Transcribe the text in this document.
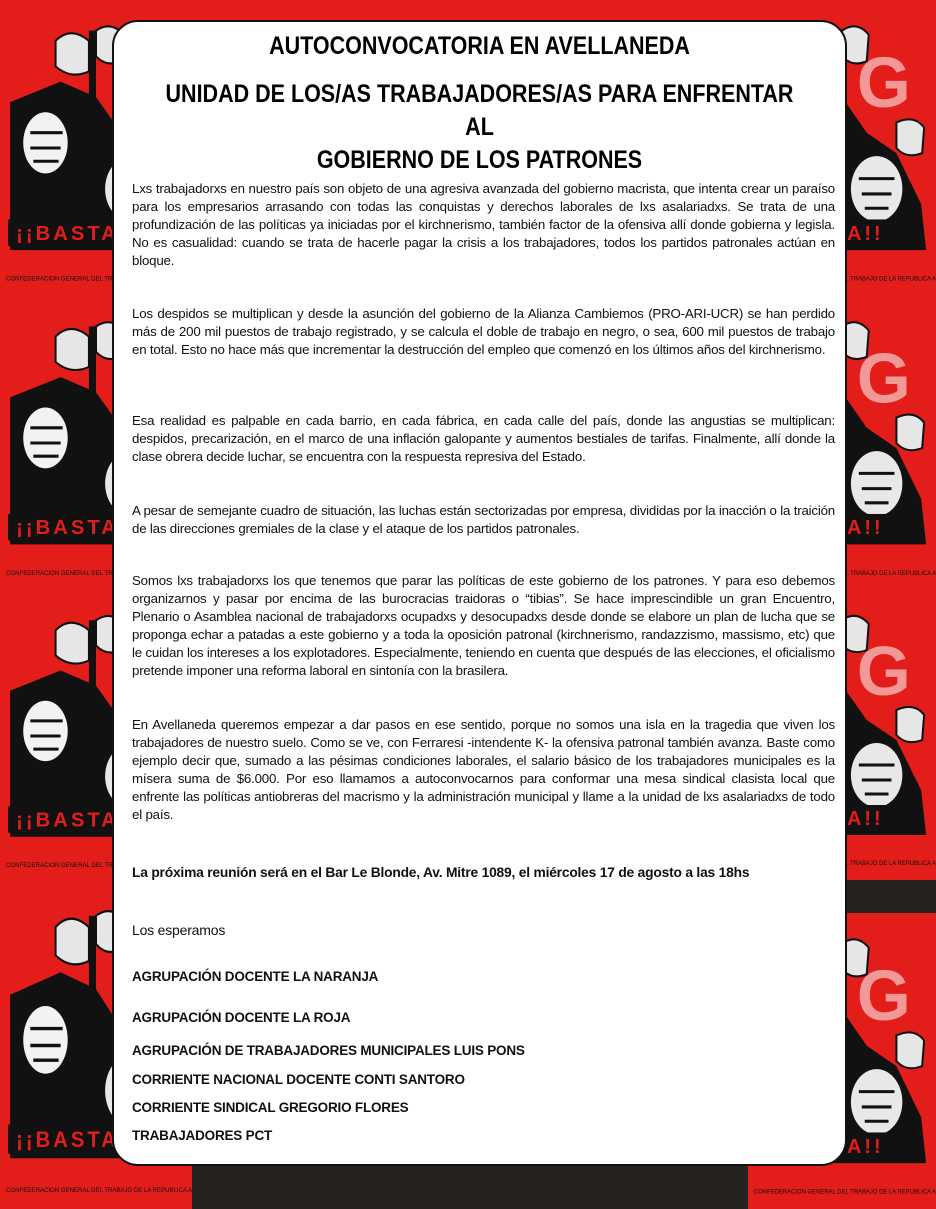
AUTOCONVOCATORIA EN AVELLANEDA
UNIDAD DE LOS/AS TRABAJADORES/AS PARA ENFRENTAR AL
GOBIERNO DE LOS PATRONES
Lxs trabajadorxs en nuestro país son objeto de una agresiva avanzada del gobierno macrista, que intenta crear un paraíso para los empresarios arrasando con todas las conquistas y derechos laborales de lxs asalariadxs. Se trata de una profundización de las políticas ya iniciadas por el kirchnerismo, también factor de la ofensiva allí donde gobierna y legisla. No es casualidad: cuando se trata de hacerle pagar la crisis a los trabajadores, todos los partidos patronales actúan en bloque.
Los despidos se multiplican y desde la asunción del gobierno de la Alianza Cambiemos (PRO-ARI-UCR) se han perdido más de 200 mil puestos de trabajo registrado, y se calcula el doble de trabajo en negro, o sea, 600 mil puestos de trabajo en total. Esto no hace más que incrementar la destrucción del empleo que comenzó en los últimos años del kirchnerismo.
Esa realidad es palpable en cada barrio, en cada fábrica, en cada calle del país, donde las angustias se multiplican: despidos, precarización, en el marco de una inflación galopante y aumentos bestiales de tarifas. Finalmente, allí donde la clase obrera decide luchar, se encuentra con la respuesta represiva del Estado.
A pesar de semejante cuadro de situación, las luchas están sectorizadas por empresa, divididas por la inacción o la traición de las direcciones gremiales de la clase y el ataque de los partidos patronales.
Somos lxs trabajadorxs los que tenemos que parar las políticas de este gobierno de los patrones. Y para eso debemos organizarnos y pasar por encima de las burocracias traidoras o “tibias”. Se hace imprescindible un gran Encuentro, Plenario o Asamblea nacional de trabajadorxs ocupadxs y desocupadxs desde donde se elabore un plan de lucha que se proponga echar a patadas a este gobierno y a toda la oposición patronal (kirchnerismo, randazzismo, massismo, etc) que le cuidan los intereses a los explotadores. Especialmente, teniendo en cuenta que después de las elecciones, el oficialismo pretende imponer una reforma laboral en sintonía con la brasilera.
En Avellaneda queremos empezar a dar pasos en ese sentido, porque no somos una isla en la tragedia que viven los trabajadores de nuestro suelo. Como se ve, con Ferraresi -intendente K- la ofensiva patronal también avanza. Baste como ejemplo decir que, sumado a las pésimas condiciones laborales, el salario básico de los trabajadores municipales es la mísera suma de $6.000. Por eso llamamos a autoconvocarnos para conformar una mesa sindical clasista local que enfrente las políticas antiobreras del macrismo y la administración municipal y llame a la unidad de lxs asalariadxs de todo el país.
La próxima reunión será en el Bar Le Blonde, Av. Mitre 1089, el miércoles 17 de agosto a las 18hs
Los esperamos
AGRUPACIÓN DOCENTE LA NARANJA
AGRUPACIÓN DOCENTE LA ROJA
AGRUPACIÓN DE TRABAJADORES MUNICIPALES LUIS PONS
CORRIENTE NACIONAL DOCENTE CONTI SANTORO
CORRIENTE SINDICAL GREGORIO FLORES
TRABAJADORES PCT
